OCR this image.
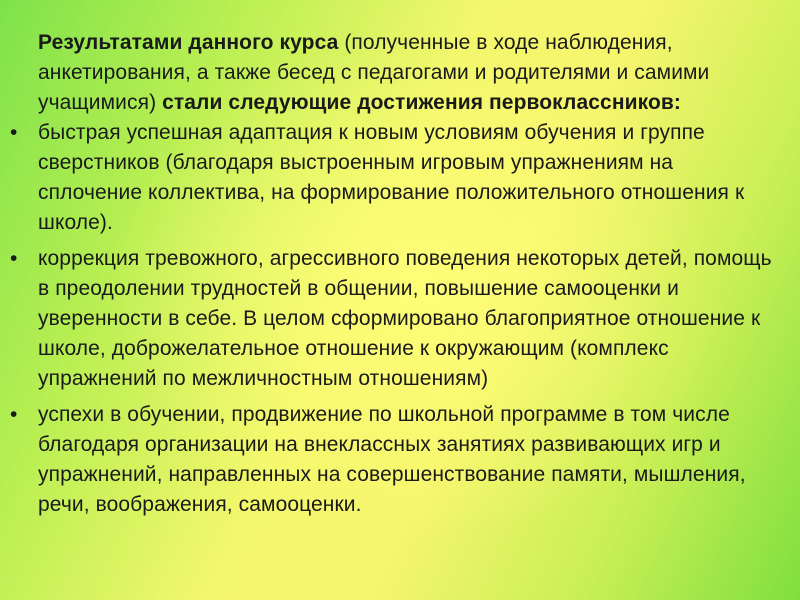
Результатами данного курса (полученные в ходе наблюдения, анкетирования, а также бесед с педагогами и родителями и самими учащимися) стали следующие достижения первоклассников:

• быстрая успешная адаптация к новым условиям обучения и группе сверстников (благодаря выстроенным игровым упражнениям на сплочение коллектива, на формирование положительного отношения к школе).
• коррекция тревожного, агрессивного поведения некоторых детей, помощь в преодолении трудностей в общении, повышение самооценки и уверенности в себе. В целом сформировано благоприятное отношение к школе, доброжелательное отношение к окружающим (комплекс упражнений по межличностным отношениям)
• успехи в обучении, продвижение по школьной программе в том числе благодаря организации на внеклассных занятиях развивающих игр и упражнений, направленных на совершенствование памяти, мышления, речи, воображения, самооценки.
